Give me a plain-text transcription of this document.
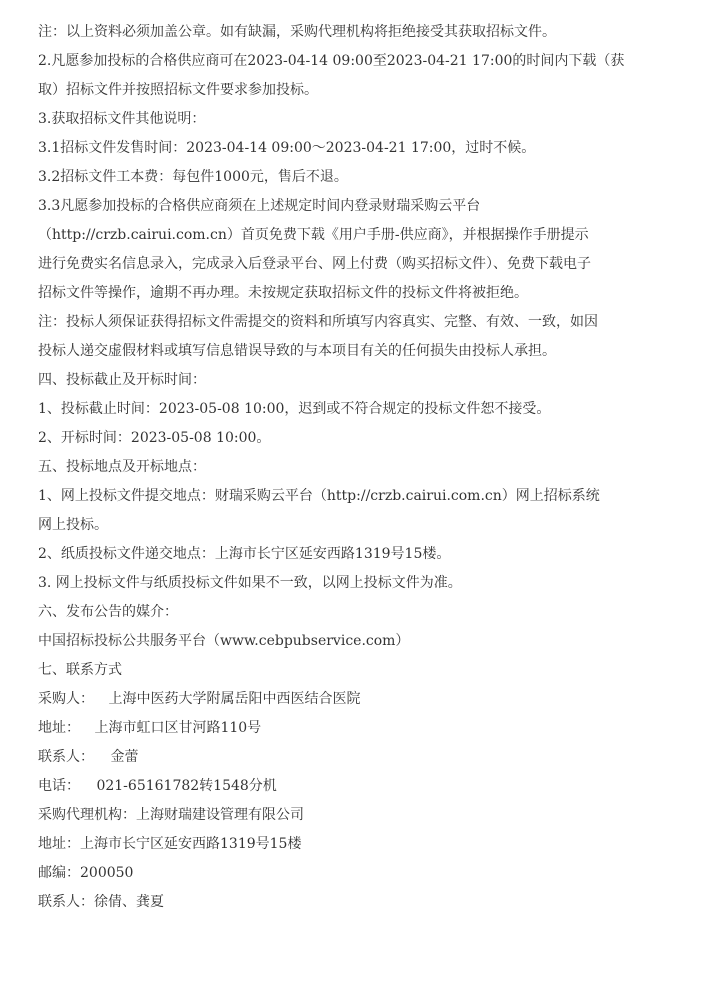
注：以上资料必须加盖公章。如有缺漏，采购代理机构将拒绝接受其获取招标文件。
2.凡愿参加投标的合格供应商可在2023-04-14 09:00至2023-04-21 17:00的时间内下载（获
取）招标文件并按照招标文件要求参加投标。
3.获取招标文件其他说明：
3.1招标文件发售时间：2023-04-14 09:00～2023-04-21 17:00，过时不候。
3.2招标文件工本费：每包件1000元，售后不退。
3.3凡愿参加投标的合格供应商须在上述规定时间内登录财瑞采购云平台
（http://crzb.cairui.com.cn）首页免费下载《用户手册-供应商》，并根据操作手册提示
进行免费实名信息录入，完成录入后登录平台、网上付费（购买招标文件）、免费下载电子
招标文件等操作，逾期不再办理。未按规定获取招标文件的投标文件将被拒绝。
注：投标人须保证获得招标文件需提交的资料和所填写内容真实、完整、有效、一致，如因
投标人递交虚假材料或填写信息错误导致的与本项目有关的任何损失由投标人承担。
四、投标截止及开标时间：
1、投标截止时间：2023-05-08 10:00，迟到或不符合规定的投标文件恕不接受。
2、开标时间：2023-05-08 10:00。
五、投标地点及开标地点：
1、网上投标文件提交地点：财瑞采购云平台（http://crzb.cairui.com.cn）网上招标系统
网上投标。
2、纸质投标文件递交地点：上海市长宁区延安西路1319号15楼。
3. 网上投标文件与纸质投标文件如果不一致，以网上投标文件为准。
六、发布公告的媒介：
中国招标投标公共服务平台（www.cebpubservice.com）
七、联系方式
采购人： 上海中医药大学附属岳阳中西医结合医院
地址： 上海市虹口区甘河路110号
联系人： 金蕾
电话： 021-65161782转1548分机
采购代理机构：上海财瑞建设管理有限公司
地址：上海市长宁区延安西路1319号15楼
邮编：200050
联系人：徐倩、龚夏
